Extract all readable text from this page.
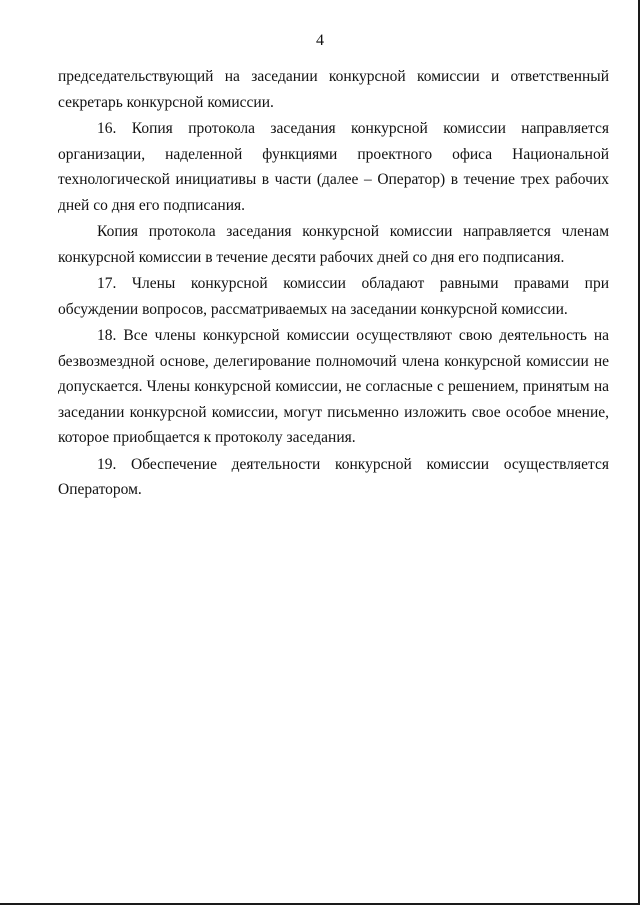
4

председательствующий на заседании конкурсной комиссии и ответственный секретарь конкурсной комиссии.

16. Копия протокола заседания конкурсной комиссии направляется организации, наделенной функциями проектного офиса Национальной технологической инициативы в части (далее – Оператор) в течение трех рабочих дней со дня его подписания.

Копия протокола заседания конкурсной комиссии направляется членам конкурсной комиссии в течение десяти рабочих дней со дня его подписания.

17. Члены конкурсной комиссии обладают равными правами при обсуждении вопросов, рассматриваемых на заседании конкурсной комиссии.

18. Все члены конкурсной комиссии осуществляют свою деятельность на безвозмездной основе, делегирование полномочий члена конкурсной комиссии не допускается. Члены конкурсной комиссии, не согласные с решением, принятым на заседании конкурсной комиссии, могут письменно изложить свое особое мнение, которое приобщается к протоколу заседания.

19. Обеспечение деятельности конкурсной комиссии осуществляется Оператором.
